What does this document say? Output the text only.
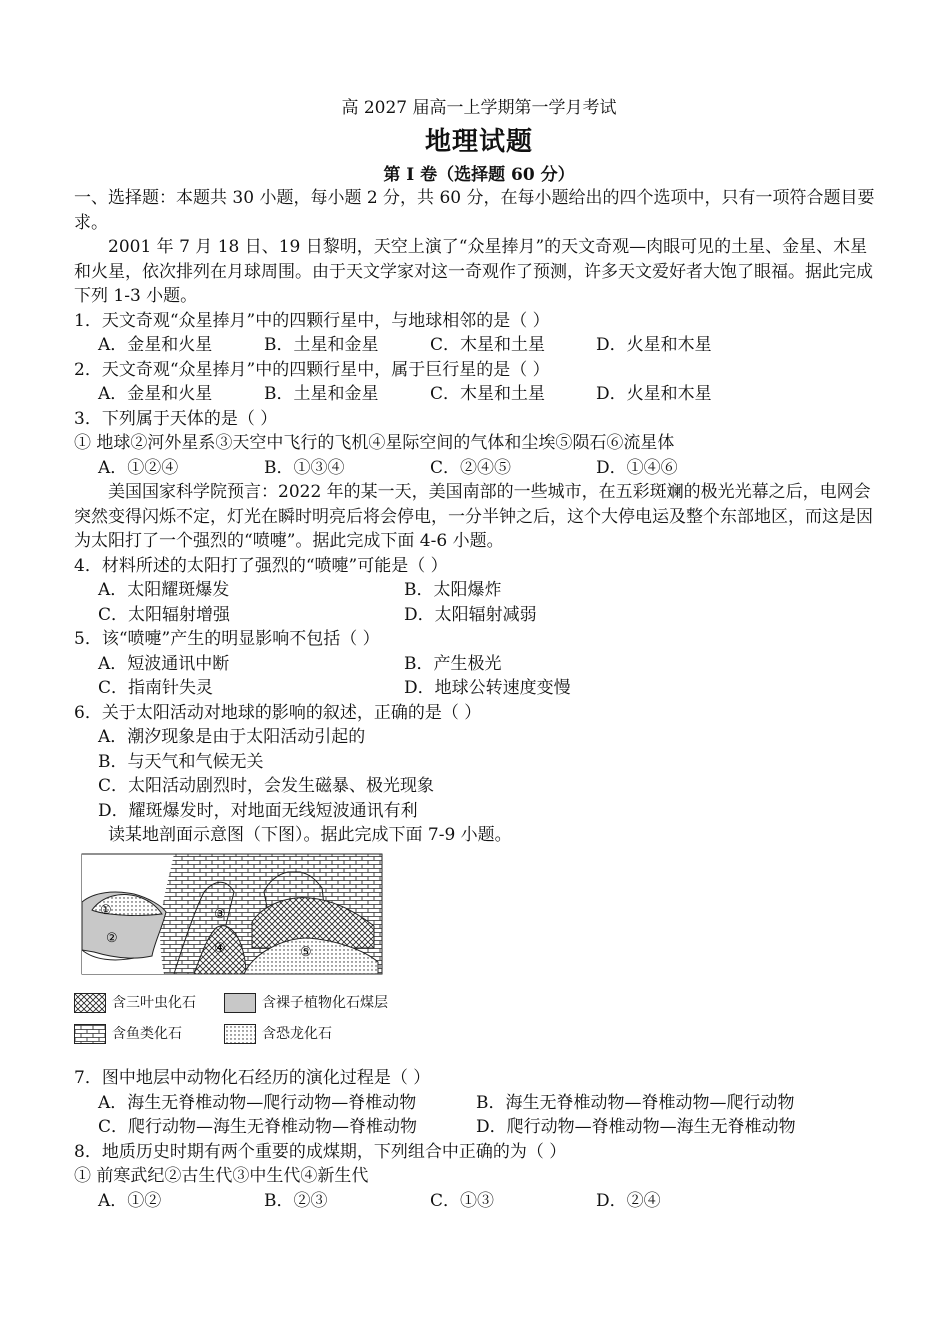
高 2027 届高一上学期第一学月考试
地理试题
第 I 卷（选择题 60 分）

一、选择题：本题共 30 小题，每小题 2 分，共 60 分，在每小题给出的四个选项中，只有一项符合题目要求。

2001 年 7 月 18 日、19 日黎明，天空上演了“众星捧月”的天文奇观—肉眼可见的土星、金星、木星和火星，依次排列在月球周围。由于天文学家对这一奇观作了预测，许多天文爱好者大饱了眼福。据此完成下列 1-3 小题。

1．天文奇观“众星捧月”中的四颗行星中，与地球相邻的是（ ）

A．金星和火星	B．土星和金星	C．木星和土星	D．火星和木星

2．天文奇观“众星捧月”中的四颗行星中，属于巨行星的是（ ）

A．金星和火星	B．土星和金星	C．木星和土星	D．火星和木星

3．下列属于天体的是（ ）

① 地球②河外星系③天空中飞行的飞机④星际空间的气体和尘埃⑤陨石⑥流星体

A．①②④	B．①③④	C．②④⑤	D．①④⑥

美国国家科学院预言：2022 年的某一天，美国南部的一些城市，在五彩斑斓的极光光幕之后，电网会突然变得闪烁不定，灯光在瞬时明亮后将会停电，一分半钟之后，这个大停电运及整个东部地区，而这是因为太阳打了一个强烈的“喷嚏”。据此完成下面 4-6 小题。

4．材料所述的太阳打了强烈的“喷嚏”可能是（ ）

A．太阳耀斑爆发	B．太阳爆炸
C．太阳辐射增强	D．太阳辐射减弱

5．该“喷嚏”产生的明显影响不包括（ ）

A．短波通讯中断	B．产生极光
C．指南针失灵	D．地球公转速度变慢

6．关于太阳活动对地球的影响的叙述，正确的是（ ）

A．潮汐现象是由于太阳活动引起的
B．与天气和气候无关
C．太阳活动剧烈时，会发生磁暴、极光现象
D．耀斑爆发时，对地面无线短波通讯有利

读某地剖面示意图（下图）。据此完成下面 7-9 小题。

①
②
③
④	⑤
含三叶虫化石	含裸子植物化石煤层
含鱼类化石	含恐龙化石

7．图中地层中动物化石经历的演化过程是（ ）

A．海生无脊椎动物—爬行动物—脊椎动物	B．海生无脊椎动物—脊椎动物—爬行动物
C．爬行动物—海生无脊椎动物—脊椎动物	D．爬行动物—脊椎动物—海生无脊椎动物

8．地质历史时期有两个重要的成煤期，下列组合中正确的为（ ）

① 前寒武纪②古生代③中生代④新生代

A．①②	B．②③	C．①③	D．②④
